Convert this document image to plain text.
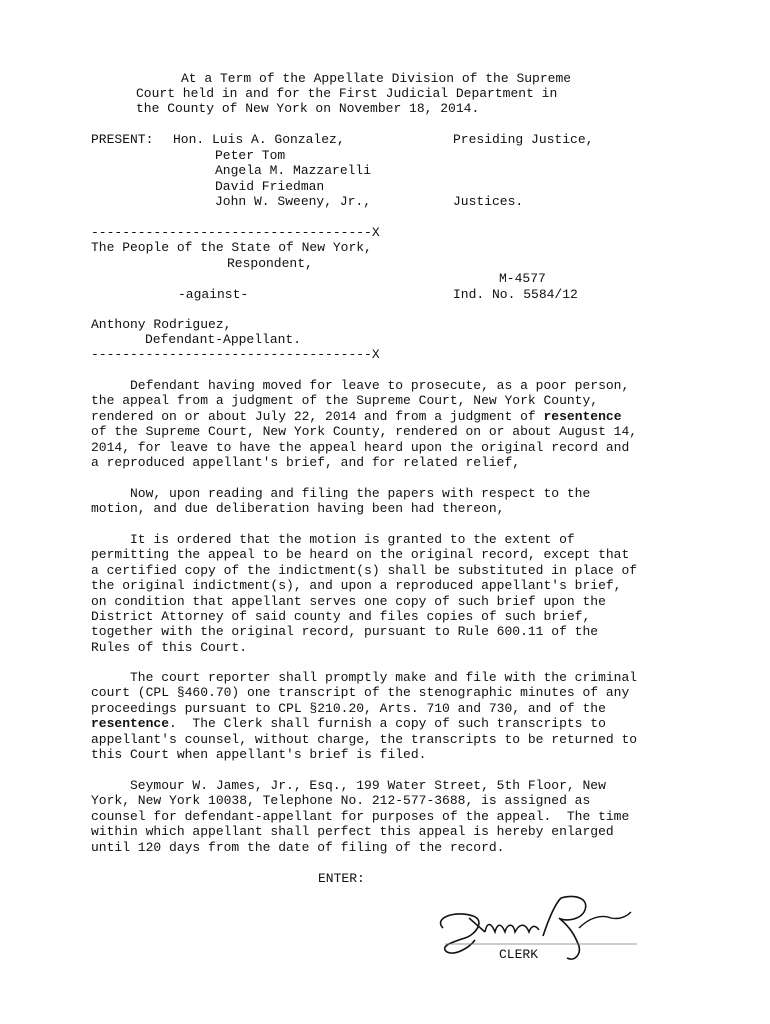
At a Term of the Appellate Division of the Supreme
Court held in and for the First Judicial Department in
the County of New York on November 18, 2014.
PRESENT: Hon. Luis A. Gonzalez,
Peter Tom
Angela M. Mazzarelli
David Friedman
John W. Sweeny, Jr.,
Presiding Justice,
Justices.
------------------------------------X
The People of the State of New York,
Respondent,
M-4577
-against-	Ind. No. 5584/12
Anthony Rodriguez,
Defendant-Appellant.
------------------------------------X
Defendant having moved for leave to prosecute, as a poor person,
the appeal from a judgment of the Supreme Court, New York County,
rendered on or about July 22, 2014 and from a judgment of resentence
of the Supreme Court, New York County, rendered on or about August 14,
2014, for leave to have the appeal heard upon the original record and
a reproduced appellant's brief, and for related relief,
Now, upon reading and filing the papers with respect to the
motion, and due deliberation having been had thereon,
It is ordered that the motion is granted to the extent of
permitting the appeal to be heard on the original record, except that
a certified copy of the indictment(s) shall be substituted in place of
the original indictment(s), and upon a reproduced appellant's brief,
on condition that appellant serves one copy of such brief upon the
District Attorney of said county and files copies of such brief,
together with the original record, pursuant to Rule 600.11 of the
Rules of this Court.
The court reporter shall promptly make and file with the criminal
court (CPL §460.70) one transcript of the stenographic minutes of any
proceedings pursuant to CPL §210.20, Arts. 710 and 730, and of the
resentence.  The Clerk shall furnish a copy of such transcripts to
appellant's counsel, without charge, the transcripts to be returned to
this Court when appellant's brief is filed.
Seymour W. James, Jr., Esq., 199 Water Street, 5th Floor, New
York, New York 10038, Telephone No. 212-577-3688, is assigned as
counsel for defendant-appellant for purposes of the appeal.  The time
within which appellant shall perfect this appeal is hereby enlarged
until 120 days from the date of filing of the record.
ENTER:
CLERK
